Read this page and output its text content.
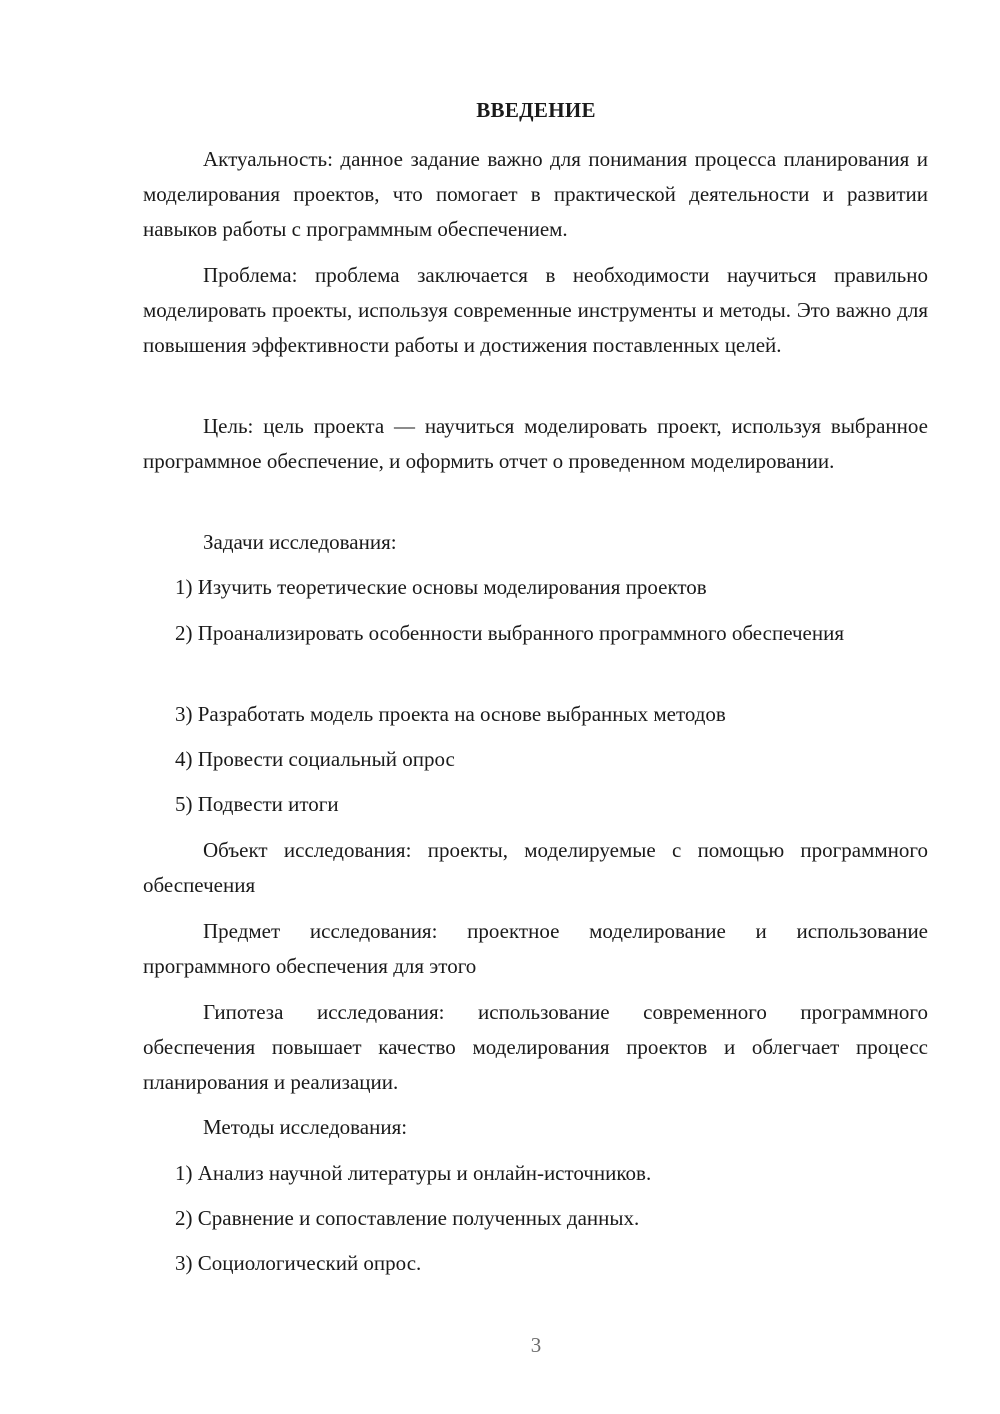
ВВЕДЕНИЕ

Актуальность: данное задание важно для понимания процесса планирования и моделирования проектов, что помогает в практической деятельности и развитии навыков работы с программным обеспечением.

Проблема: проблема заключается в необходимости научиться правильно моделировать проекты, используя современные инструменты и методы. Это важно для повышения эффективности работы и достижения поставленных целей.

Цель: цель проекта — научиться моделировать проект, используя выбранное программное обеспечение, и оформить отчет о проведенном моделировании.

Задачи исследования:

1) Изучить теоретические основы моделирования проектов

2) Проанализировать особенности выбранного программного обеспечения

3) Разработать модель проекта на основе выбранных методов

4) Провести социальный опрос

5) Подвести итоги

Объект исследования: проекты, моделируемые с помощью программного обеспечения

Предмет исследования: проектное моделирование и использование программного обеспечения для этого

Гипотеза исследования: использование современного программного обеспечения повышает качество моделирования проектов и облегчает процесс планирования и реализации.

Методы исследования:

1) Анализ научной литературы и онлайн-источников.

2) Сравнение и сопоставление полученных данных.

3) Социологический опрос.

3
